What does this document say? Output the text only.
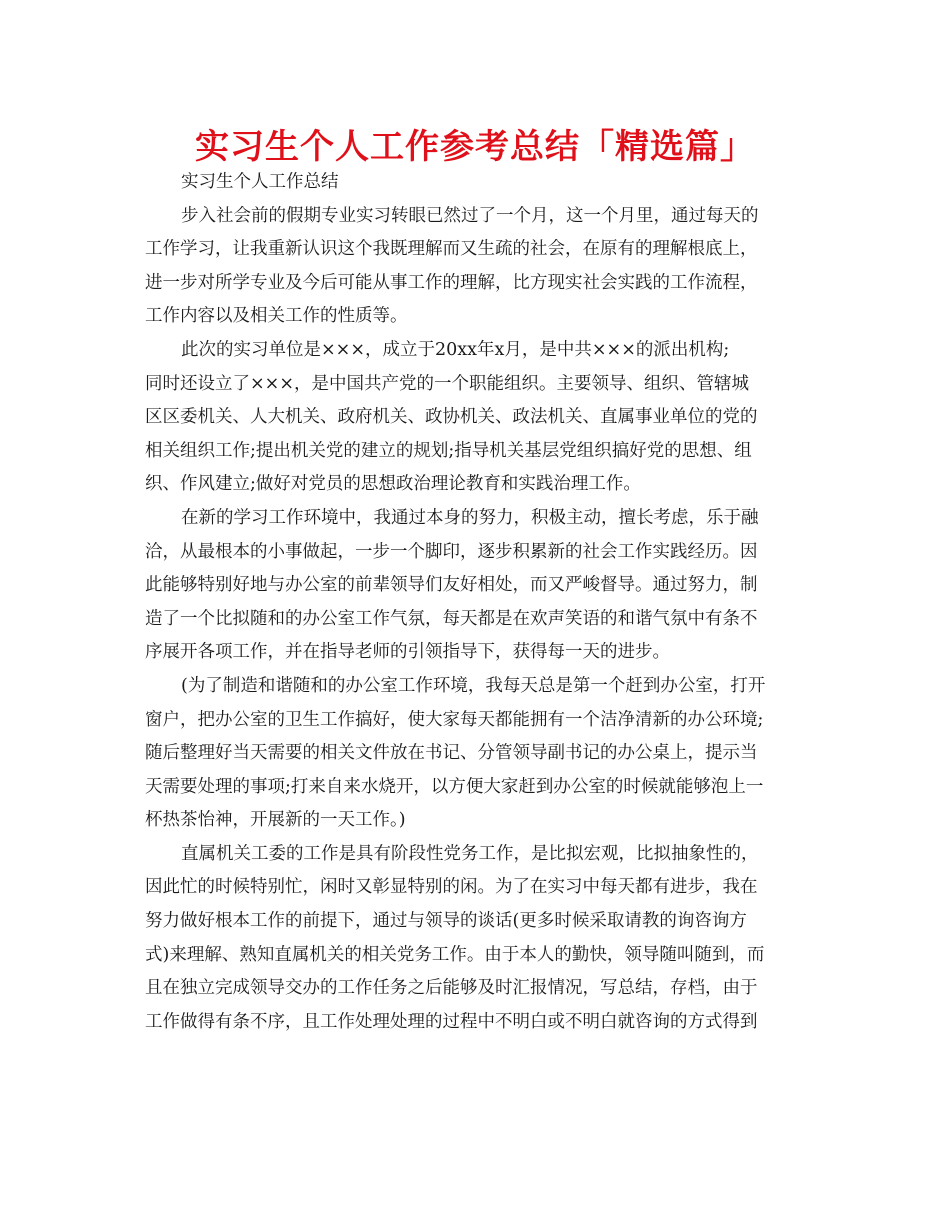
实习生个人工作参考总结「精选篇」
实习生个人工作总结
步入社会前的假期专业实习转眼已然过了一个月，这一个月里，通过每天的
工作学习，让我重新认识这个我既理解而又生疏的社会，在原有的理解根底上，
进一步对所学专业及今后可能从事工作的理解，比方现实社会实践的工作流程，
工作内容以及相关工作的性质等。
此次的实习单位是×××，成立于20xx年x月，是中共×××的派出机构;
同时还设立了×××，是中国共产党的一个职能组织。主要领导、组织、管辖城
区区委机关、人大机关、政府机关、政协机关、政法机关、直属事业单位的党的
相关组织工作;提出机关党的建立的规划;指导机关基层党组织搞好党的思想、组
织、作风建立;做好对党员的思想政治理论教育和实践治理工作。
在新的学习工作环境中，我通过本身的努力，积极主动，擅长考虑，乐于融
洽，从最根本的小事做起，一步一个脚印，逐步积累新的社会工作实践经历。因
此能够特别好地与办公室的前辈领导们友好相处，而又严峻督导。通过努力，制
造了一个比拟随和的办公室工作气氛，每天都是在欢声笑语的和谐气氛中有条不
序展开各项工作，并在指导老师的引领指导下，获得每一天的进步。
(为了制造和谐随和的办公室工作环境，我每天总是第一个赶到办公室，打开
窗户，把办公室的卫生工作搞好，使大家每天都能拥有一个洁净清新的办公环境;
随后整理好当天需要的相关文件放在书记、分管领导副书记的办公桌上，提示当
天需要处理的事项;打来自来水烧开，以方便大家赶到办公室的时候就能够泡上一
杯热茶怡神，开展新的一天工作。)
直属机关工委的工作是具有阶段性党务工作，是比拟宏观，比拟抽象性的，
因此忙的时候特别忙，闲时又彰显特别的闲。为了在实习中每天都有进步，我在
努力做好根本工作的前提下，通过与领导的谈话(更多时候采取请教的询咨询方
式)来理解、熟知直属机关的相关党务工作。由于本人的勤快，领导随叫随到，而
且在独立完成领导交办的工作任务之后能够及时汇报情况，写总结，存档，由于
工作做得有条不序，且工作处理处理的过程中不明白或不明白就咨询的方式得到
